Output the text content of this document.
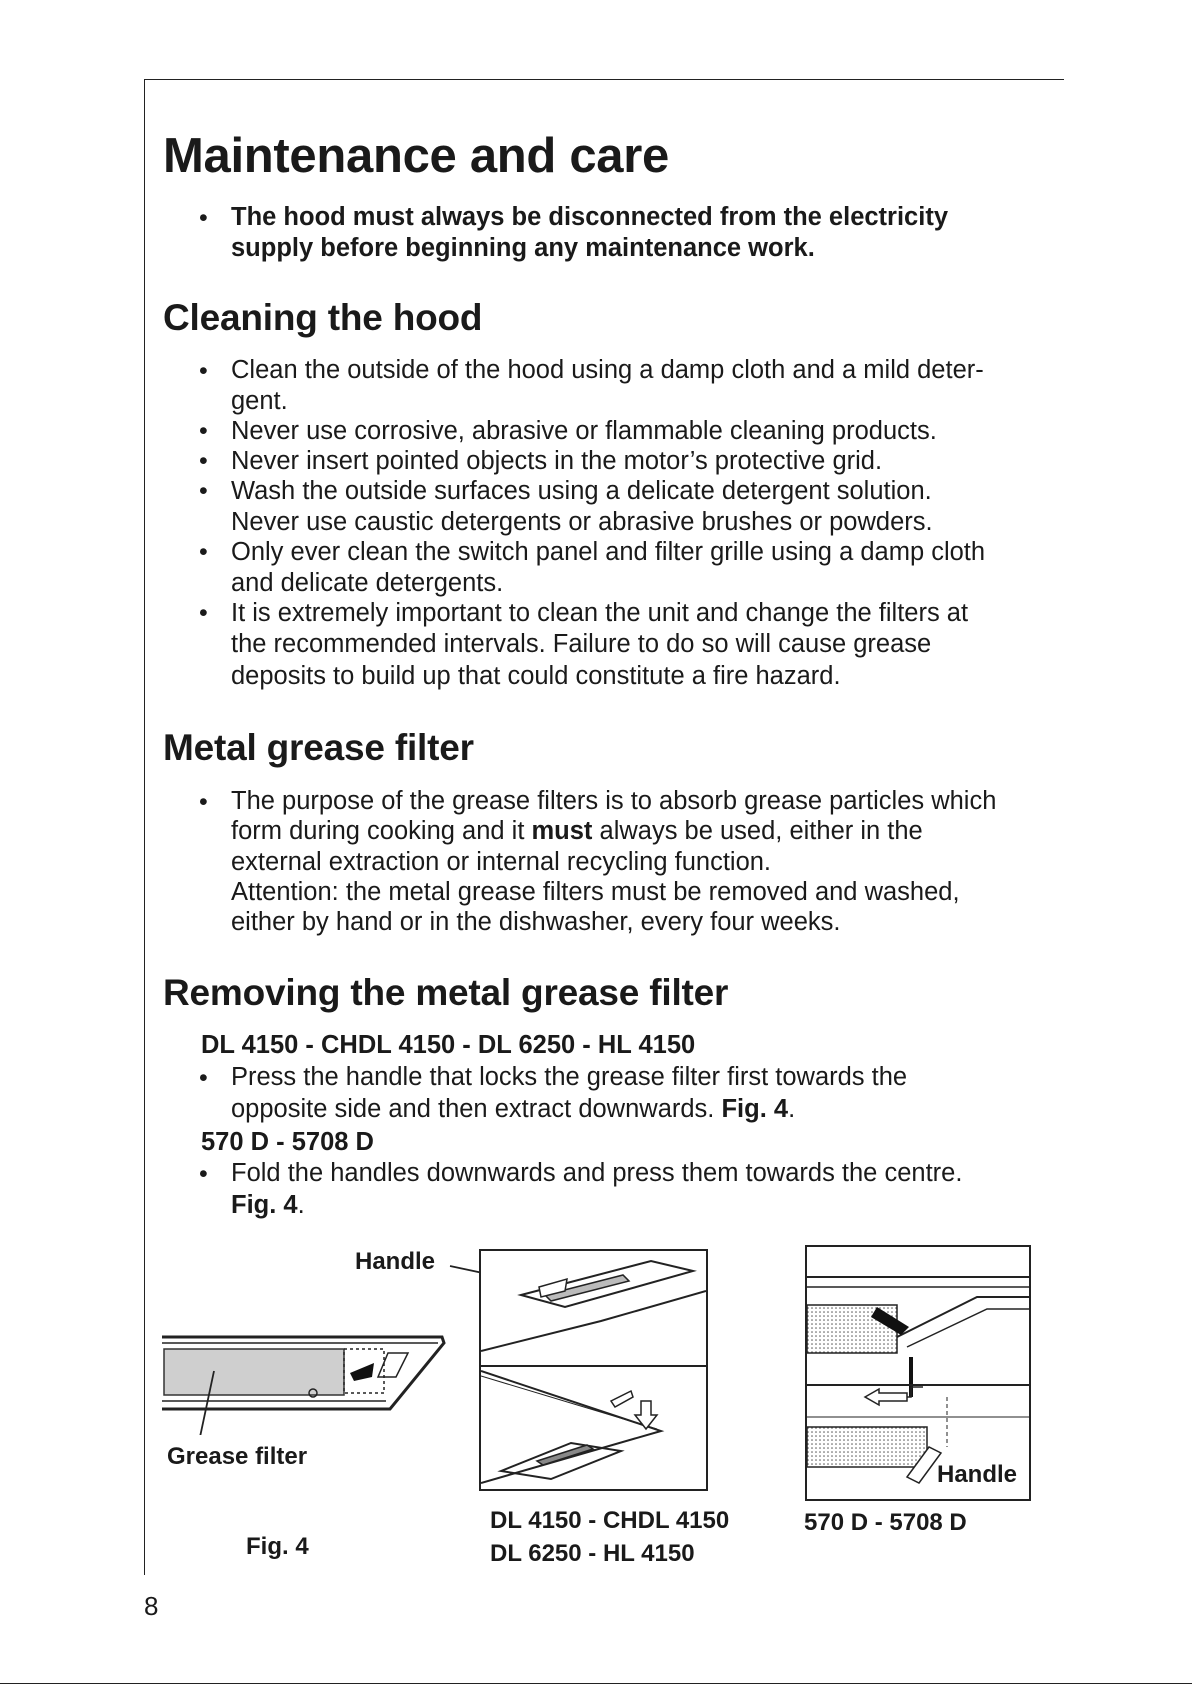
Maintenance and care
• The hood must always be disconnected from the electricity
supply before beginning any maintenance work.
Cleaning the hood
• Clean the outside of the hood using a damp cloth and a mild deter-
gent.
• Never use corrosive, abrasive or flammable cleaning products.
• Never insert pointed objects in the motor’s protective grid.
• Wash the outside surfaces using a delicate detergent solution.
Never use caustic detergents or abrasive brushes or powders.
• Only ever clean the switch panel and filter grille using a damp cloth
and delicate detergents.
• It is extremely important to clean the unit and change the filters at
the recommended intervals. Failure to do so will cause grease
deposits to build up that could constitute a fire hazard.
Metal grease filter
• The purpose of the grease filters is to absorb grease particles which
form during cooking and it must always be used, either in the
external extraction or internal recycling function.
Attention: the metal grease filters must be removed and washed,
either by hand or in the dishwasher, every four weeks.
Removing the metal grease filter
DL 4150 - CHDL 4150 - DL 6250 - HL 4150
• Press the handle that locks the grease filter first towards the
opposite side and then extract downwards. Fig. 4.
570 D - 5708 D
• Fold the handles downwards and press them towards the centre.
Fig. 4.
Handle
Grease filter
Fig. 4
DL 4150 - CHDL 4150
DL 6250 - HL 4150
Handle
570 D - 5708 D
8
